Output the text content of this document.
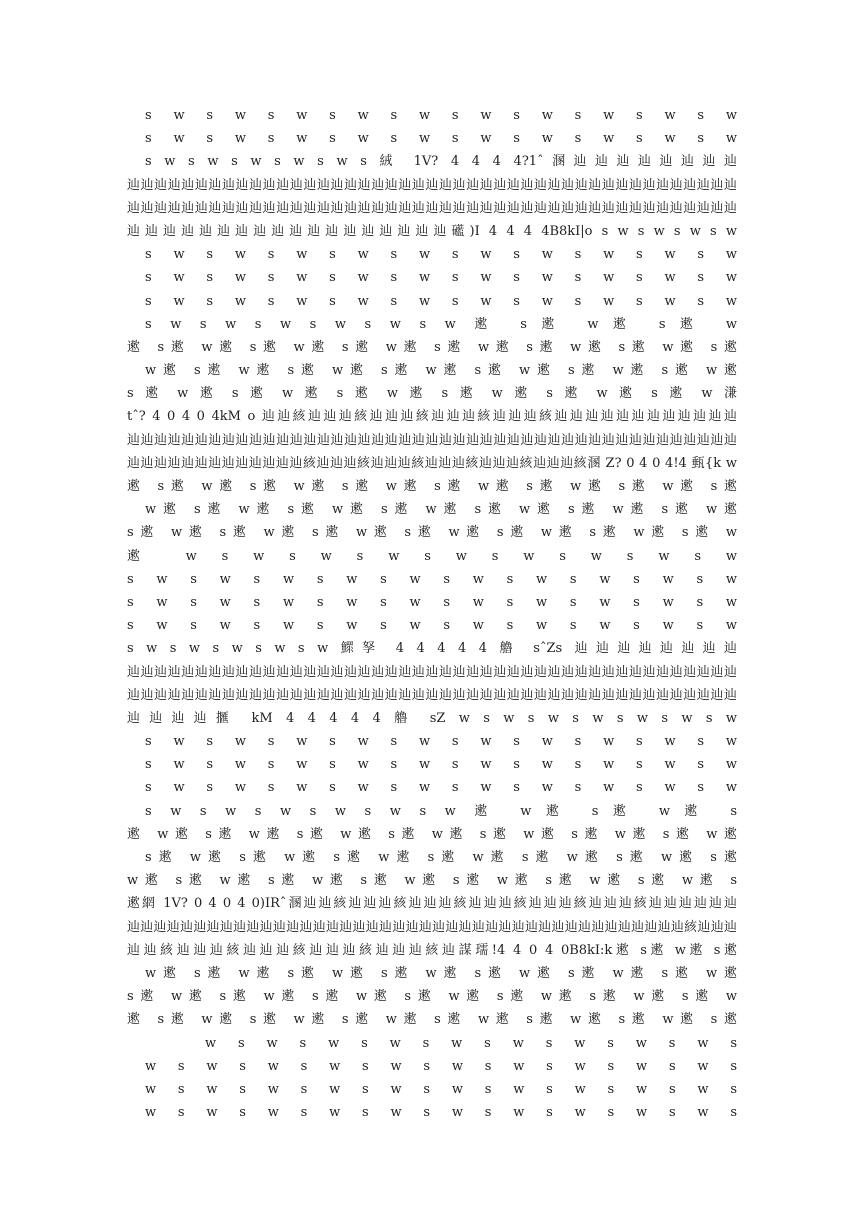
s w s w s w s w s w s w s w s w s w s w
s w s w s w s w s w s w s w s w s w s w
s w s w s w s w s w s 絨 1V? 4 4 4 4?1ˆ溷辿辿辿辿辿辿辿辿
辿辿辿辿辿辿辿辿辿辿辿辿辿辿辿辿辿辿辿辿辿辿辿辿辿辿辿辿辿辿辿辿辿辿辿辿辿辿辿辿辿辿辿辿辿
辿辿辿辿辿辿辿辿辿辿辿辿辿辿辿辿辿辿辿辿辿辿辿辿辿辿辿辿辿辿辿辿辿辿辿辿辿辿辿辿辿辿辿辿辿
辿辿辿辿辿辿辿辿辿辿辿辿辿辿辿辿辿辿礷)I 4 4 4 4B8kI|o s w s w s w s w
s w s w s w s w s w s w s w s w s w s w
s w s w s w s w s w s w s w s w s w s w
s w s w s w s w s w s w s w s w s w s w
s w s w s w s w s w s w 遬 s遬 w遬 s遬 w
遬 s遬 w遬 s遬 w遬 s遬 w遬 s遬 w遬 s遬 w遬 s遬 w遬 s遬
w遬 s遬 w遬 s遬 w遬 s遬 w遬 s遬 w遬 s遬 w遬 s遬 w遬
s 遬 w 遬 s 遬 w 遬 s 遬 w 遬 s 遬 w 遬 s 遬 w 遬 s 遬 w 溓
tˆ? 4 0 4 0 4kM o 辿辿絯辿辿辿絯辿辿辿絯辿辿辿絯辿辿辿絯辿辿辿辿辿辿辿辿辿辿辿辿
辿辿辿辿辿辿辿辿辿辿辿辿辿辿辿辿辿辿辿辿辿辿辿辿辿辿辿辿辿辿辿辿辿辿辿辿辿辿辿辿辿辿辿辿辿
辿辿辿辿辿辿辿辿辿辿辿辿辿絯辿辿辿絯辿辿辿絯辿辿辿絯辿辿辿絯辿辿辿絯溷 Z? 0 4 0 4!4 甀{k w
遬 s遬 w遬 s遬 w遬 s遬 w遬 s遬 w遬 s遬 w遬 s遬 w遬 s遬
w遬 s遬 w遬 s遬 w遬 s遬 w遬 s遬 w遬 s遬 w遬 s遬 w遬
s遬 w遬 s遬 w遬 s遬 w遬 s遬 w遬 s遬 w遬 s遬 w遬 s遬 w
遬 w s w s w s w s w s w s w s w s w
s w s w s w s w s w s w s w s w s w s w
s w s w s w s w s w s w s w s w s w s w
s w s w s w s w s w s w s w s w s w s w
s w s w s w s w s w 鰥孥 4 4 4 4 4 艪 sˆZs 辿辿辿辿辿辿辿辿
辿辿辿辿辿辿辿辿辿辿辿辿辿辿辿辿辿辿辿辿辿辿辿辿辿辿辿辿辿辿辿辿辿辿辿辿辿辿辿辿辿辿辿辿辿
辿辿辿辿辿辿辿辿辿辿辿辿辿辿辿辿辿辿辿辿辿辿辿辿辿辿辿辿辿辿辿辿辿辿辿辿辿辿辿辿辿辿辿辿辿
辿辿辿辿擓 kM 4 4 4 4 4 艪 sZ w s w s w s w s w s w s w
s w s w s w s w s w s w s w s w s w s w
s w s w s w s w s w s w s w s w s w s w
s w s w s w s w s w s w s w s w s w s w
s w s w s w s w s w s w 遬 w遬 s遬 w遬 s
遬 w遬 s遬 w遬 s遬 w遬 s遬 w遬 s遬 w遬 s遬 w遬 s遬 w遬
s遬 w遬 s遬 w遬 s遬 w遬 s遬 w遬 s遬 w遬 s遬 w遬 s遬
w遬 s遬 w遬 s遬 w遬 s遬 w遬 s遬 w遬 s遬 w遬 s遬 w遬 s
遬網 1V? 0 4 0 4 0)IRˆ溷辿辿絯辿辿辿絯辿辿辿絯辿辿辿絯辿辿辿絯辿辿辿絯辿辿辿辿辿辿
辿辿辿辿辿辿辿辿辿辿辿辿辿辿辿辿辿辿辿辿辿辿辿辿辿辿辿辿辿辿辿辿辿辿辿辿辿辿辿辿辿辿絯辿辿辿
辿辿絯辿辿辿絯辿辿辿絯辿辿辿絯辿辿辿絯辿謀瓀!4 4 0 4 0B8kI:k遬 s遬 w遬 s遬
w遬 s遬 w遬 s遬 w遬 s遬 w遬 s遬 w遬 s遬 w遬 s遬 w遬
s遬 w遬 s遬 w遬 s遬 w遬 s遬 w遬 s遬 w遬 s遬 w遬 s遬 w
遬 s遬 w遬 s遬 w遬 s遬 w遬 s遬 w遬 s遬 w遬 s遬 w遬 s遬
w s w s w s w s w s w s w s w s w s
w s w s w s w s w s w s w s w s w s w s
w s w s w s w s w s w s w s w s w s w s
w s w s w s w s w s w s w s w s w s w s
